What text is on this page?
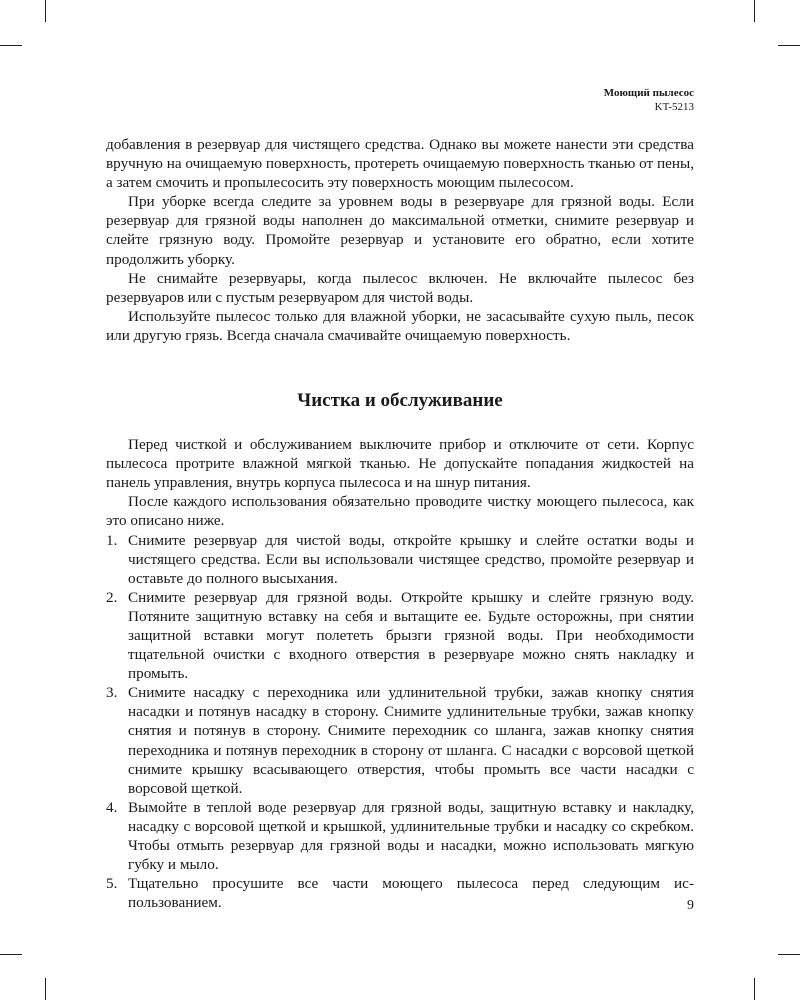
Моющий пылесос
KT-5213

добавления в резервуар для чистящего средства. Однако вы можете нанести эти средства вручную на очищаемую поверхность, протереть очищаемую поверхность тканью от пены, а затем смочить и пропылесосить эту поверхность моющим пылесосом.

При уборке всегда следите за уровнем воды в резервуаре для грязной воды. Если резервуар для грязной воды наполнен до максимальной отметки, снимите резервуар и слейте грязную воду. Промойте резервуар и установите его обратно, если хотите продолжить уборку.

Не снимайте резервуары, когда пылесос включен. Не включайте пылесос без резервуаров или с пустым резервуаром для чистой воды.

Используйте пылесос только для влажной уборки, не засасывайте сухую пыль, песок или другую грязь. Всегда сначала смачивайте очищаемую поверхность.

Чистка и обслуживание

Перед чисткой и обслуживанием выключите прибор и отключите от сети. Корпус пылесоса протрите влажной мягкой тканью. Не допускайте попадания жидкостей на панель управления, внутрь корпуса пылесоса и на шнур питания.

После каждого использования обязательно проводите чистку моющего пылесоса, как это описано ниже.

1. Снимите резервуар для чистой воды, откройте крышку и слейте остатки воды и чистящего средства. Если вы использовали чистящее средство, промойте резервуар и оставьте до полного высыхания.
2. Снимите резервуар для грязной воды. Откройте крышку и слейте грязную воду. Потяните защитную вставку на себя и вытащите ее. Будьте осторожны, при снятии защитной вставки могут полететь брызги грязной воды. При необходимости тщательной очистки с входного отверстия в резервуаре можно снять накладку и промыть.
3. Снимите насадку с переходника или удлинительной трубки, зажав кнопку снятия насадки и потянув насадку в сторону. Снимите удлинительные трубки, зажав кнопку снятия и потянув в сторону. Снимите переходник со шланга, зажав кнопку снятия переходника и потянув переходник в сторону от шланга. С насадки с ворсовой щеткой снимите крышку всасывающего отверстия, чтобы промыть все части насадки с ворсовой щеткой.
4. Вымойте в теплой воде резервуар для грязной воды, защитную вставку и накладку, насадку с ворсовой щеткой и крышкой, удлинительные трубки и насадку со скребком. Чтобы отмыть резервуар для грязной воды и насадки, можно использовать мягкую губку и мыло.
5. Тщательно просушите все части моющего пылесоса перед следующим использованием.	9
